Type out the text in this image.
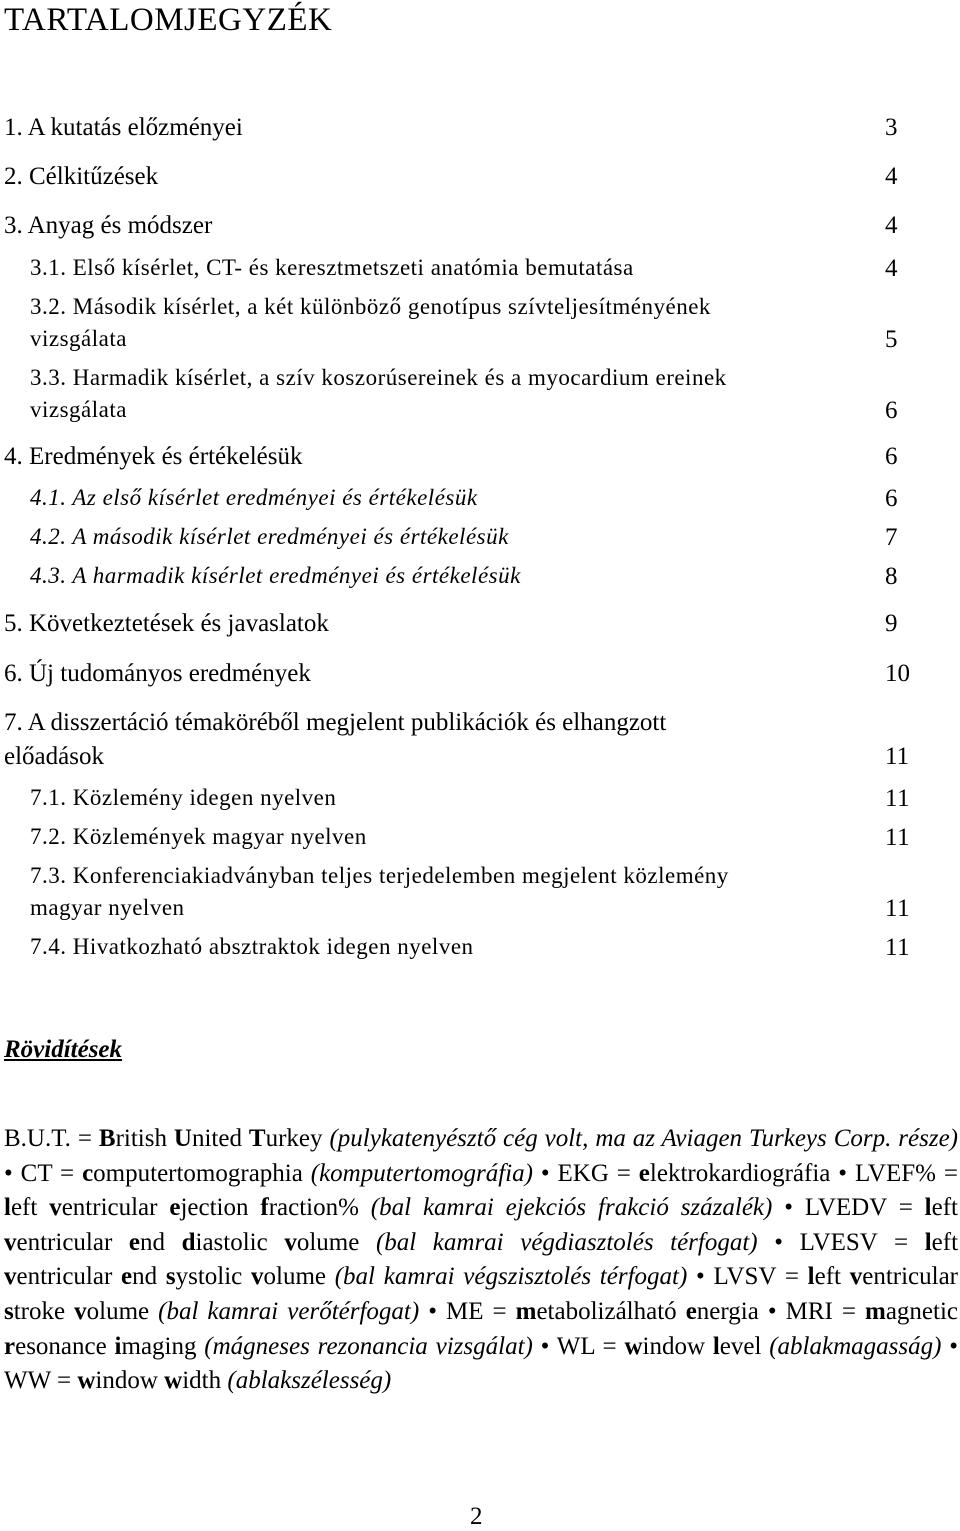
TARTALOMJEGYZÉK
1. A kutatás előzményei	3
2. Célkitűzések	4
3. Anyag és módszer	4
3.1. Első kísérlet, CT- és keresztmetszeti anatómia bemutatása	4
3.2. Második kísérlet, a két különböző genotípus szívteljesítményének
vizsgálata	5
3.3. Harmadik kísérlet, a szív koszorúsereinek és a myocardium ereinek
vizsgálata	6
4. Eredmények és értékelésük	6
4.1. Az első kísérlet eredményei és értékelésük	6
4.2. A második kísérlet eredményei és értékelésük	7
4.3. A harmadik kísérlet eredményei és értékelésük	8
5. Következtetések és javaslatok	9
6. Új tudományos eredmények	10
7. A disszertáció témaköréből megjelent publikációk és elhangzott
előadások	11
7.1. Közlemény idegen nyelven	11
7.2. Közlemények magyar nyelven	11
7.3. Konferenciakiadványban teljes terjedelemben megjelent közlemény
magyar nyelven	11
7.4. Hivatkozható absztraktok idegen nyelven	11
Rövidítések
B.U.T. = British United Turkey (pulykatenyésztő cég volt, ma az Aviagen Turkeys Corp. része) • CT = computertomographia (komputertomográfia) • EKG = elektrokardiográfia • LVEF% = left ventricular ejection fraction% (bal kamrai ejekciós frakció százalék) • LVEDV = left ventricular end diastolic volume (bal kamrai végdiasztolés térfogat) • LVESV = left ventricular end systolic volume (bal kamrai végszisztolés térfogat) • LVSV = left ventricular stroke volume (bal kamrai verőtérfogat) • ME = metabolizálható energia • MRI = magnetic resonance imaging (mágneses rezonancia vizsgálat) • WL = window level (ablakmagasság) • WW = window width (ablakszélesség)
2
